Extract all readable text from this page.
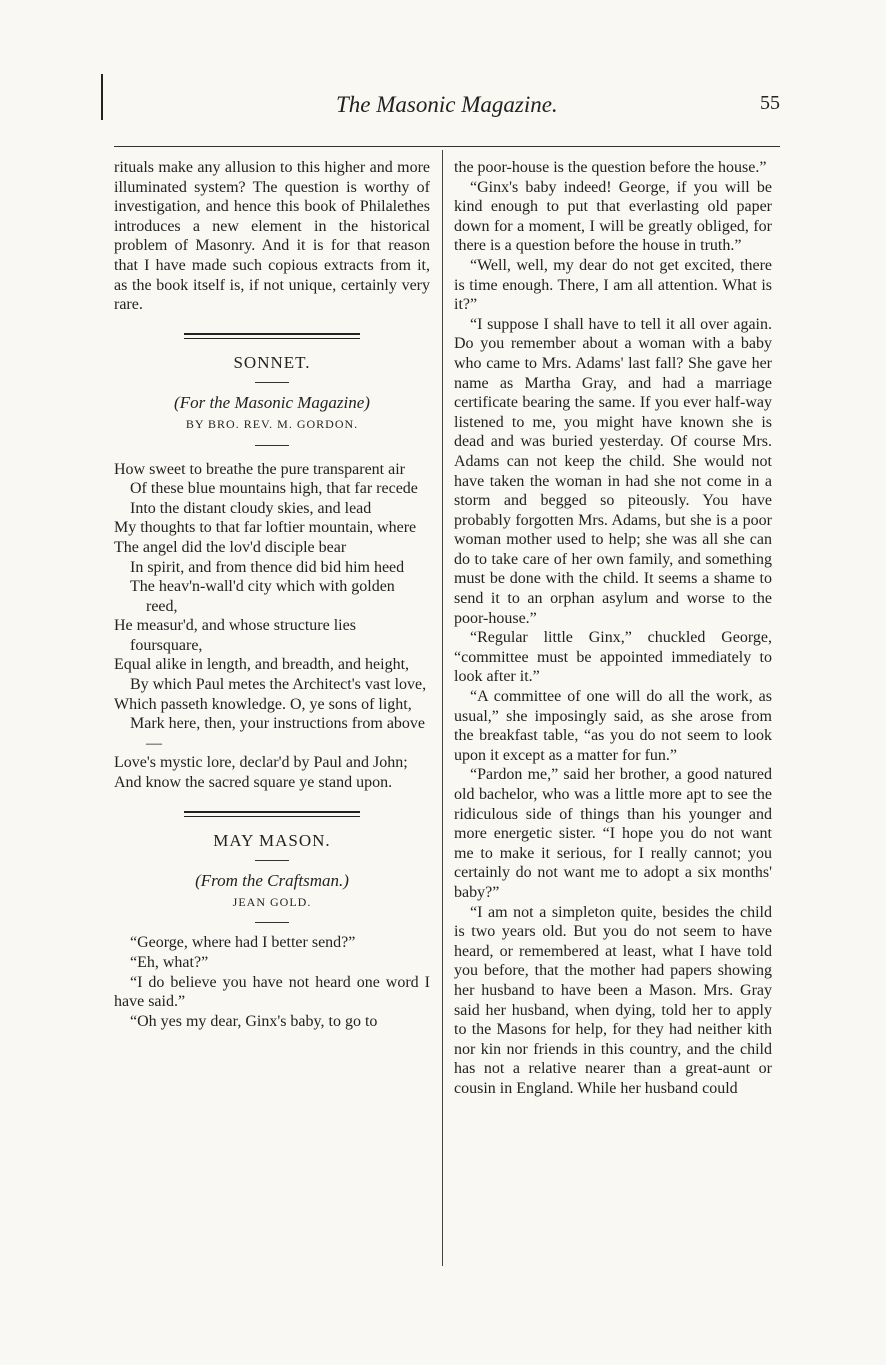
The Masonic Magazine.	55

rituals make any allusion to this higher and more illuminated system? The question is worthy of investigation, and hence this book of Philalethes introduces a new element in the historical problem of Masonry. And it is for that reason that I have made such copious extracts from it, as the book itself is, if not unique, certainly very rare.

SONNET.
(For the Masonic Magazine)
BY BRO. REV. M. GORDON.
How sweet to breathe the pure transparent air
Of these blue mountains high, that far recede
Into the distant cloudy skies, and lead
My thoughts to that far loftier mountain, where
The angel did the lov'd disciple bear
In spirit, and from thence did bid him heed
The heav'n-wall'd city which with golden reed,
He measur'd, and whose structure lies foursquare,
Equal alike in length, and breadth, and height,
By which Paul metes the Architect's vast love,
Which passeth knowledge. O, ye sons of light,
Mark here, then, your instructions from above—
Love's mystic lore, declar'd by Paul and John;
And know the sacred square ye stand upon.
MAY MASON.
(From the Craftsman.)
JEAN GOLD.

“George, where had I better send?”

“Eh, what?”

“I do believe you have not heard one word I have said.”

“Oh yes my dear, Ginx's baby, to go to

the poor-house is the question before the house.”

“Ginx's baby indeed! George, if you will be kind enough to put that everlasting old paper down for a moment, I will be greatly obliged, for there is a question before the house in truth.”

“Well, well, my dear do not get excited, there is time enough. There, I am all attention. What is it?”

“I suppose I shall have to tell it all over again. Do you remember about a woman with a baby who came to Mrs. Adams' last fall? She gave her name as Martha Gray, and had a marriage certificate bearing the same. If you ever half-way listened to me, you might have known she is dead and was buried yesterday. Of course Mrs. Adams can not keep the child. She would not have taken the woman in had she not come in a storm and begged so piteously. You have probably forgotten Mrs. Adams, but she is a poor woman mother used to help; she was all she can do to take care of her own family, and something must be done with the child. It seems a shame to send it to an orphan asylum and worse to the poor-house.”

“Regular little Ginx,” chuckled George, “committee must be appointed immediately to look after it.”

“A committee of one will do all the work, as usual,” she imposingly said, as she arose from the breakfast table, “as you do not seem to look upon it except as a matter for fun.”

“Pardon me,” said her brother, a good natured old bachelor, who was a little more apt to see the ridiculous side of things than his younger and more energetic sister. “I hope you do not want me to make it serious, for I really cannot; you certainly do not want me to adopt a six months' baby?”

“I am not a simpleton quite, besides the child is two years old. But you do not seem to have heard, or remembered at least, what I have told you before, that the mother had papers showing her husband to have been a Mason. Mrs. Gray said her husband, when dying, told her to apply to the Masons for help, for they had neither kith nor kin nor friends in this country, and the child has not a relative nearer than a great-aunt or cousin in England. While her husband could
